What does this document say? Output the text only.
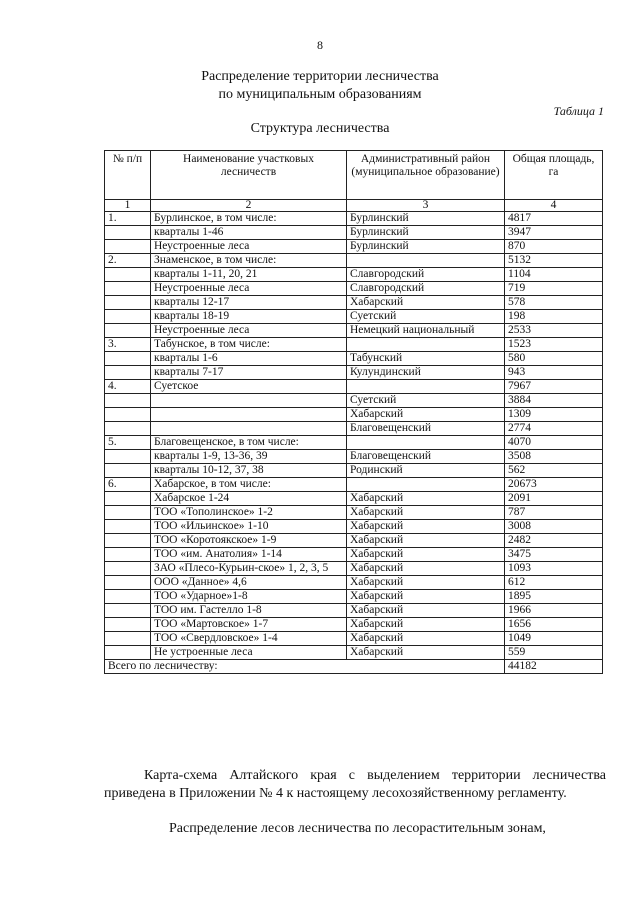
8
Распределение территории лесничества
по муниципальным образованиям
Таблица 1
Структура лесничества
№ п/п	Наименование участковых лесничеств	Административный район (муниципальное образование)	Общая площадь, га
1	2	3	4
1.	Бурлинское, в том числе:	Бурлинский	4817
	кварталы 1-46	Бурлинский	3947
	Неустроенные леса	Бурлинский	870
2.	Знаменское, в том числе:		5132
	кварталы 1-11, 20, 21	Славгородский	1104
	Неустроенные леса	Славгородский	719
	кварталы 12-17	Хабарский	578
	кварталы 18-19	Суетский	198
	Неустроенные леса	Немецкий национальный	2533
3.	Табунское, в том числе:		1523
	кварталы 1-6	Табунский	580
	кварталы 7-17	Кулундинский	943
4.	Суетское		7967
		Суетский	3884
		Хабарский	1309
		Благовещенский	2774
5.	Благовещенское, в том числе:		4070
	кварталы 1-9, 13-36, 39	Благовещенский	3508
	кварталы 10-12, 37, 38	Родинский	562
6.	Хабарское, в том числе:		20673
	Хабарское 1-24	Хабарский	2091
	ТОО «Тополинское» 1-2	Хабарский	787
	ТОО «Ильинское» 1-10	Хабарский	3008
	ТОО «Коротоякское» 1-9	Хабарский	2482
	ТОО «им. Анатолия» 1-14	Хабарский	3475
	ЗАО «Плесо-Курьин-ское» 1, 2, 3, 5	Хабарский	1093
	ООО «Данное» 4,6	Хабарский	612
	ТОО «Ударное»1-8	Хабарский	1895
	ТОО им. Гастелло 1-8	Хабарский	1966
	ТОО «Мартовское» 1-7	Хабарский	1656
	ТОО «Свердловское» 1-4	Хабарский	1049
	Не устроенные леса	Хабарский	559
Всего по лесничеству:			44182
Карта-схема Алтайского края с выделением территории лесничества приведена в Приложении № 4 к настоящему лесохозяйственному регламенту.
Распределение лесов лесничества по лесорастительным зонам,
